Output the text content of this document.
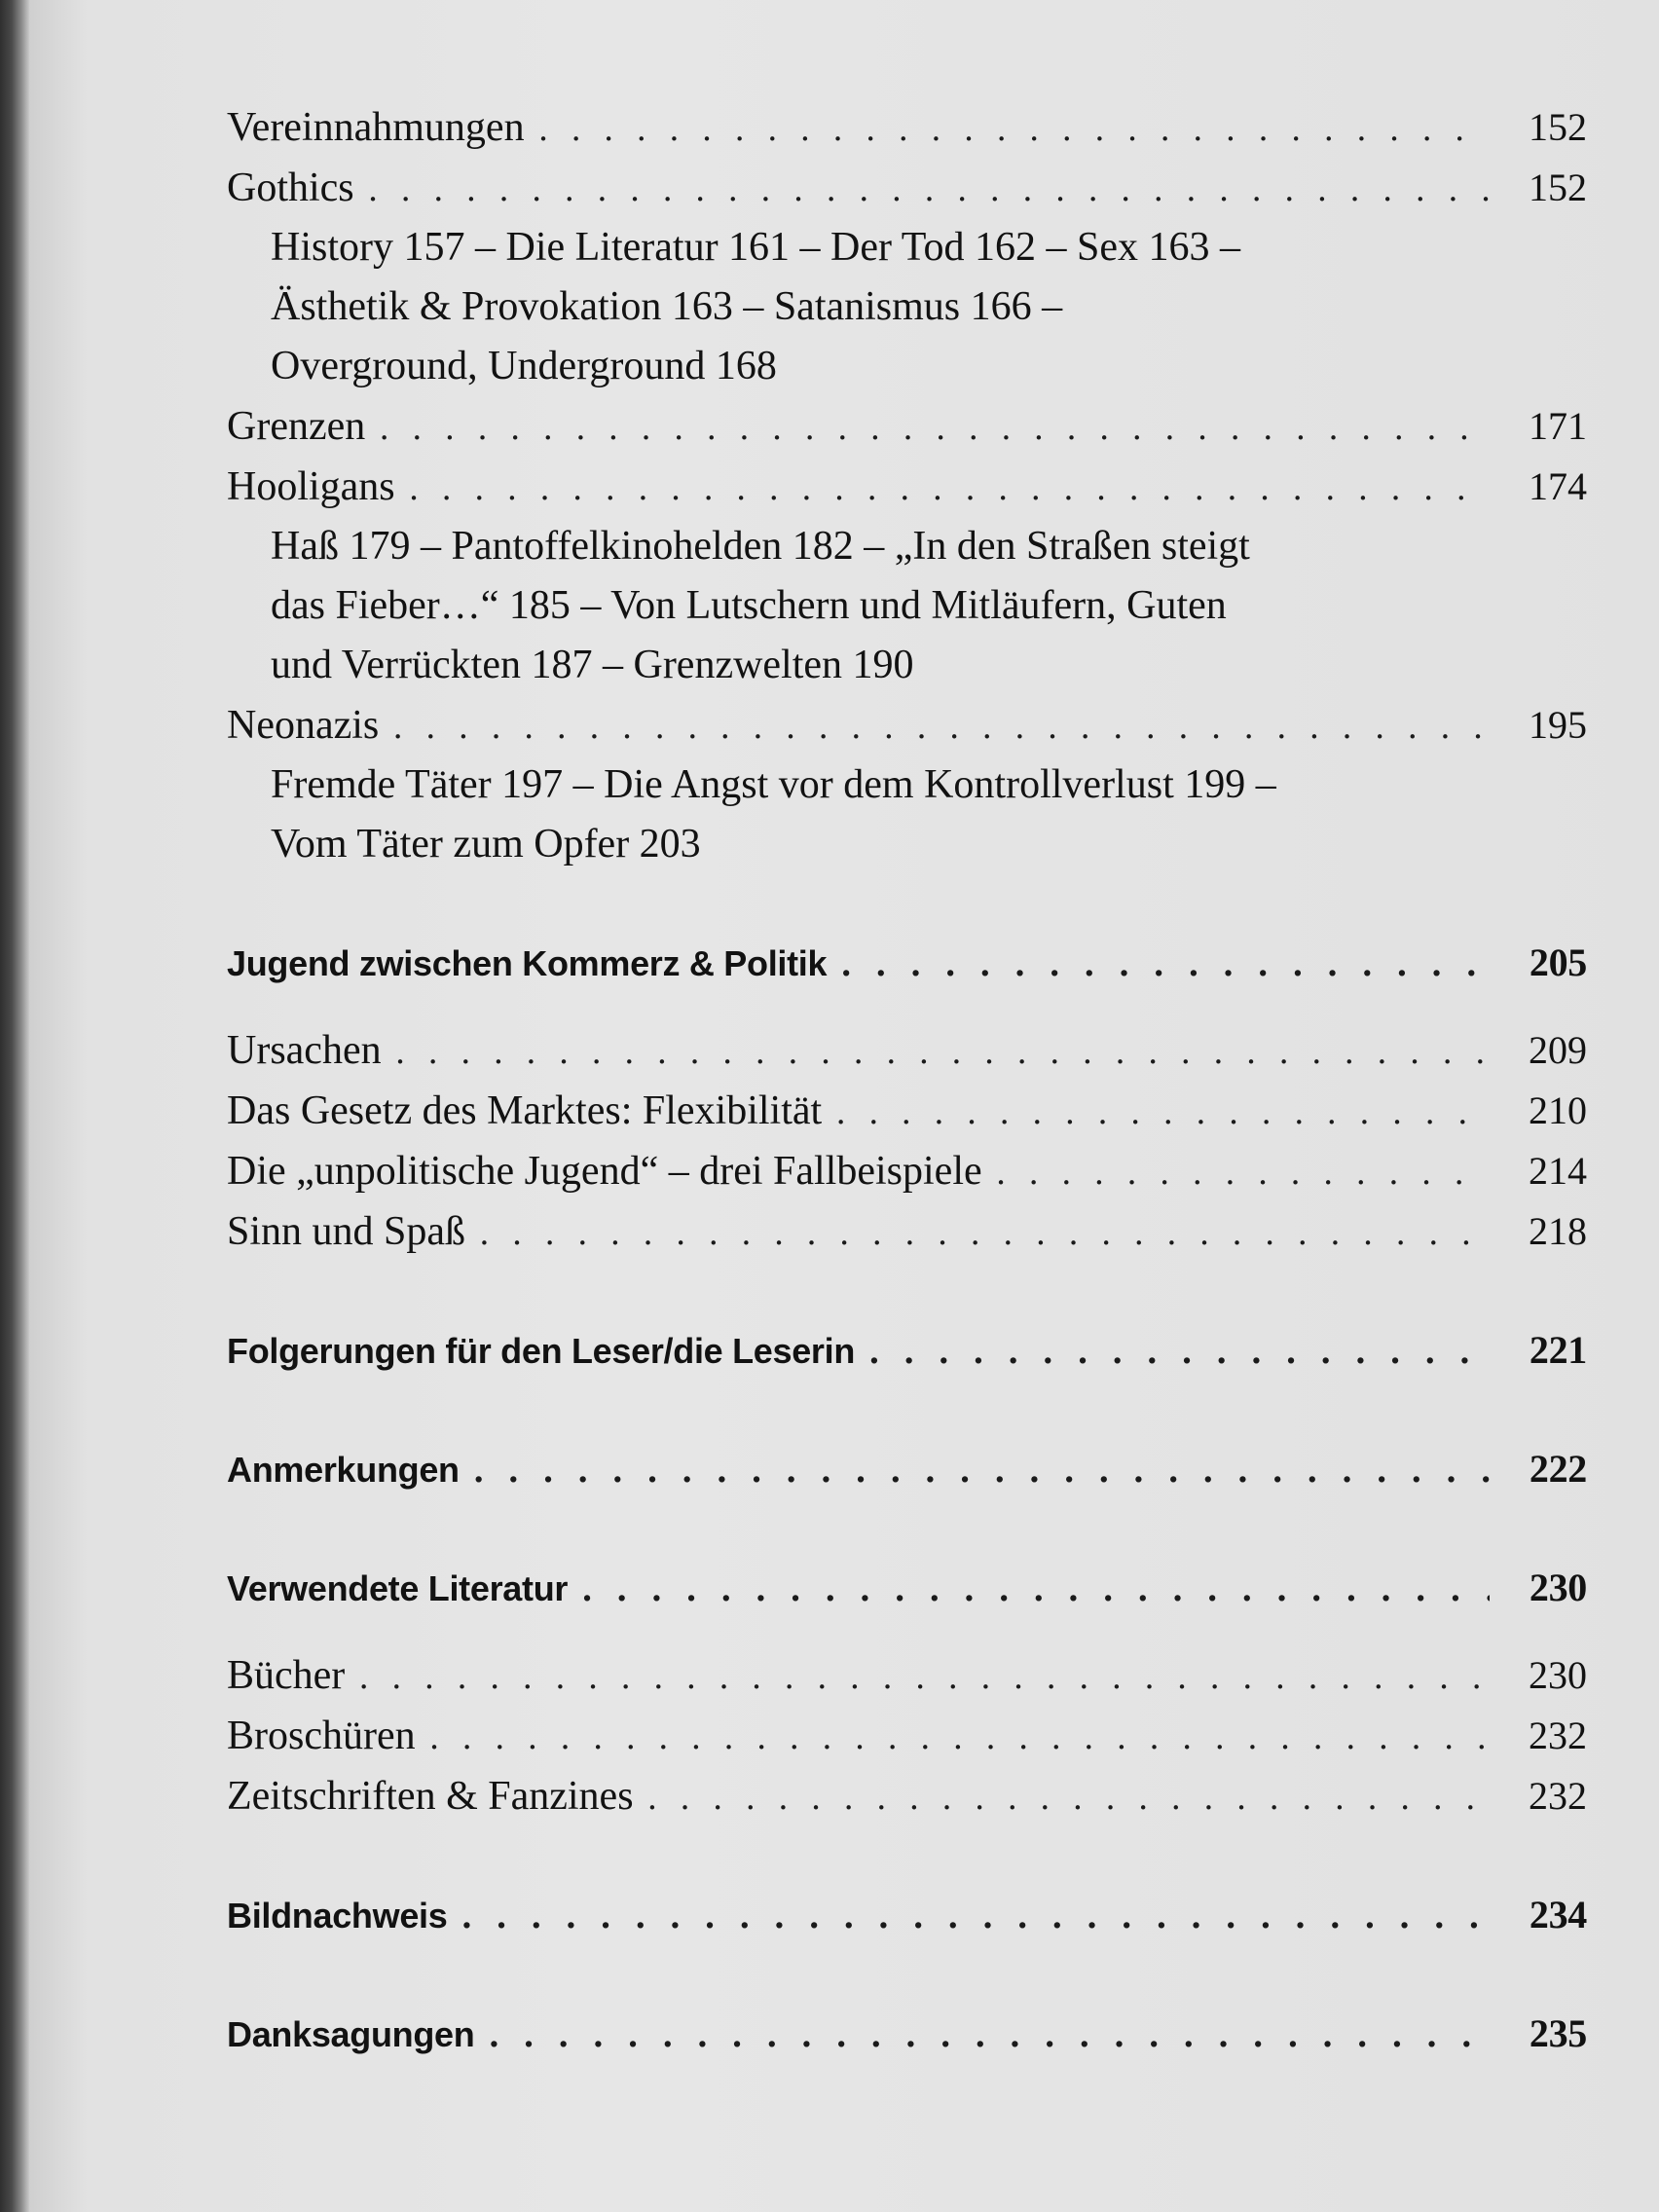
Vereinnahmungen . . .	152
Gothics . . .	152
History 157 – Die Literatur 161 – Der Tod 162 – Sex 163 –
Ästhetik & Provokation 163 – Satanismus 166 –
Overground, Underground 168
Grenzen . . .	171
Hooligans . . .	174
Haß 179 – Pantoffelkinohelden 182 – „In den Straßen steigt
das Fieber…“ 185 – Von Lutschern und Mitläufern, Guten
und Verrückten 187 – Grenzwelten 190
Neonazis . . .	195
Fremde Täter 197 – Die Angst vor dem Kontrollverlust 199 –
Vom Täter zum Opfer 203
Jugend zwischen Kommerz & Politik . . .	205
Ursachen . . .	209
Das Gesetz des Marktes: Flexibilität . . .	210
Die „unpolitische Jugend“ – drei Fallbeispiele . . .	214
Sinn und Spaß . . .	218
Folgerungen für den Leser/die Leserin . . .	221
Anmerkungen . . .	222
Verwendete Literatur . . .	230
Bücher . . .	230
Broschüren . . .	232
Zeitschriften & Fanzines . . .	232
Bildnachweis . . .	234
Danksagungen . . .	235
